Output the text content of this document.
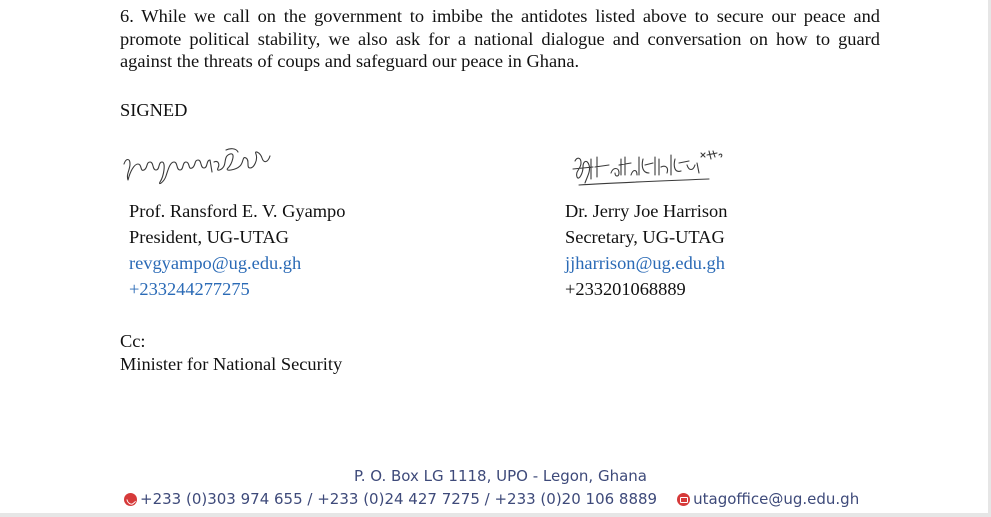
6. While we call on the government to imbibe the antidotes listed above to secure our peace and promote political stability, we also ask for a national dialogue and conversation on how to guard against the threats of coups and safeguard our peace in Ghana.

SIGNED
Prof. Ransford E. V. Gyampo
President, UG-UTAG
revgyampo@ug.edu.gh
+233244277275
Dr. Jerry Joe Harrison
Secretary, UG-UTAG
jjharrison@ug.edu.gh
+233201068889
Cc:
Minister for National Security
P. O. Box LG 1118, UPO - Legon, Ghana
+233 (0)303 974 655 / +233 (0)24 427 7275 / +233 (0)20 106 8889 utagoffice@ug.edu.gh
